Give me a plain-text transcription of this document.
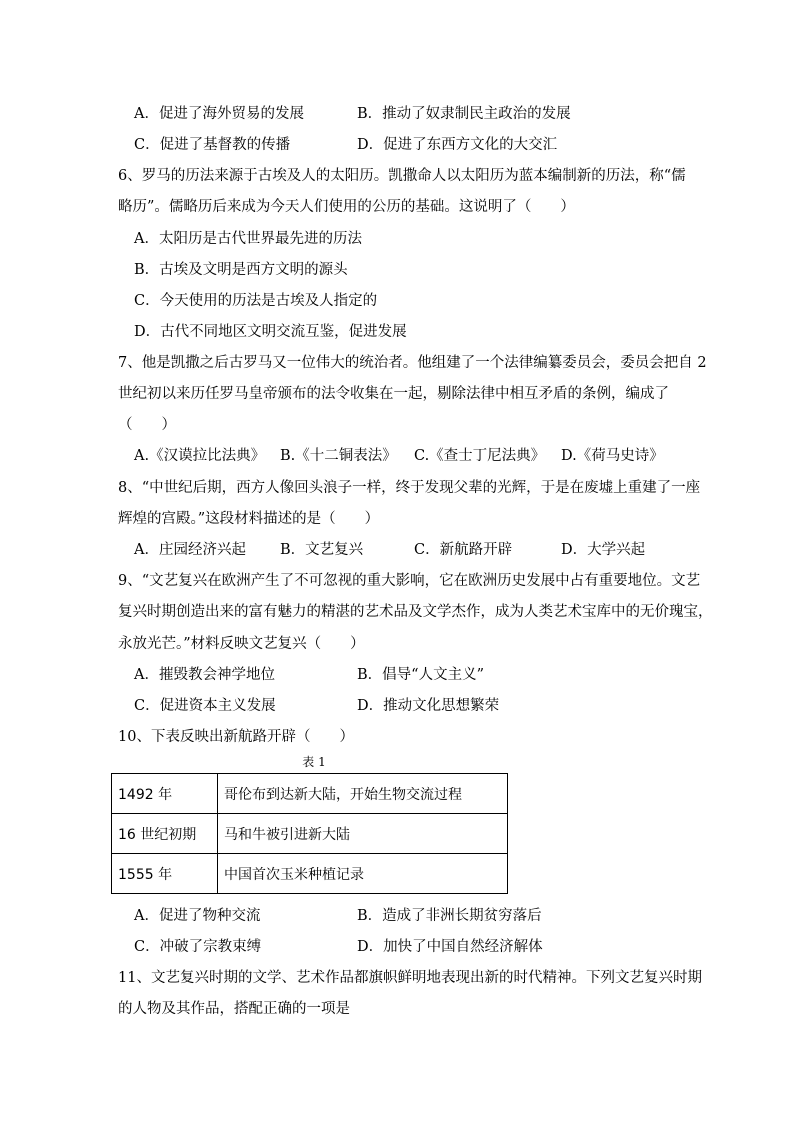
A．促进了海外贸易的发展	B．推动了奴隶制民主政治的发展
C．促进了基督教的传播	D．促进了东西方文化的大交汇
6、罗马的历法来源于古埃及人的太阳历。凯撒命人以太阳历为蓝本编制新的历法，称“儒
略历”。儒略历后来成为今天人们使用的公历的基础。这说明了（　　）
A．太阳历是古代世界最先进的历法
B．古埃及文明是西方文明的源头
C．今天使用的历法是古埃及人指定的
D．古代不同地区文明交流互鉴，促进发展
7、他是凯撒之后古罗马又一位伟大的统治者。他组建了一个法律编纂委员会，委员会把自 2
世纪初以来历任罗马皇帝颁布的法令收集在一起，剔除法律中相互矛盾的条例，编成了
（　　）
A.《汉谟拉比法典》 B.《十二铜表法》 C.《查士丁尼法典》 D.《荷马史诗》
8、“中世纪后期，西方人像回头浪子一样，终于发现父辈的光辉，于是在废墟上重建了一座
辉煌的宫殿。”这段材料描述的是（　　）
A．庄园经济兴起 B．文艺复兴	C．新航路开辟	D．大学兴起
9、“文艺复兴在欧洲产生了不可忽视的重大影响，它在欧洲历史发展中占有重要地位。文艺
复兴时期创造出来的富有魅力的精湛的艺术品及文学杰作，成为人类艺术宝库中的无价瑰宝，
永放光芒。”材料反映文艺复兴（　　）
A．摧毁教会神学地位	B．倡导“人文主义”
C．促进资本主义发展	D．推动文化思想繁荣
10、下表反映出新航路开辟（　　）
表 1
1492 年	哥伦布到达新大陆，开始生物交流过程
16 世纪初期	马和牛被引进新大陆
1555 年	中国首次玉米种植记录
A．促进了物种交流	B．造成了非洲长期贫穷落后
C．冲破了宗教束缚	D．加快了中国自然经济解体
11、文艺复兴时期的文学、艺术作品都旗帜鲜明地表现出新的时代精神。下列文艺复兴时期
的人物及其作品，搭配正确的一项是
